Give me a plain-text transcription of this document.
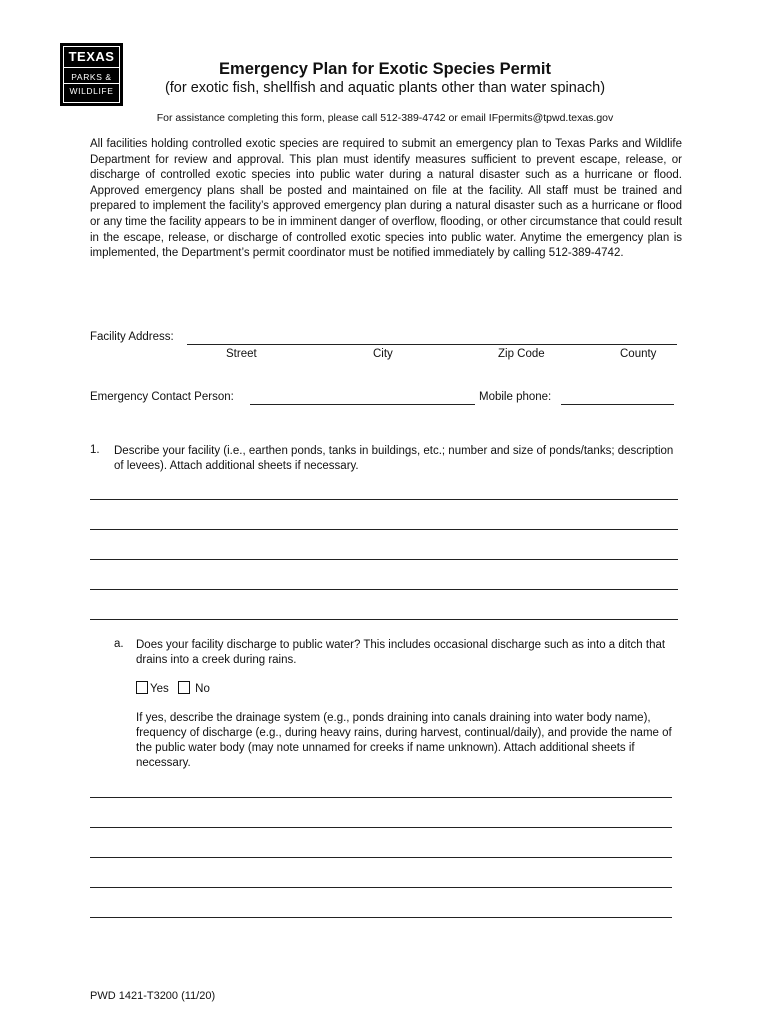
TEXAS
PARKS &
WILDLIFE
Emergency Plan for Exotic Species Permit
(for exotic fish, shellfish and aquatic plants other than water spinach)
For assistance completing this form, please call 512-389-4742 or email IFpermits@tpwd.texas.gov
All facilities holding controlled exotic species are required to submit an emergency plan to Texas Parks and Wildlife Department for review and approval. This plan must identify measures sufficient to prevent escape, release, or discharge of controlled exotic species into public water during a natural disaster such as a hurricane or flood. Approved emergency plans shall be posted and maintained on file at the facility. All staff must be trained and prepared to implement the facility’s approved emergency plan during a natural disaster such as a hurricane or flood or any time the facility appears to be in imminent danger of overflow, flooding, or other circumstance that could result in the escape, release, or discharge of controlled exotic species into public water. Anytime the emergency plan is implemented, the Department’s permit coordinator must be notified immediately by calling 512-389-4742.
Facility Address:
Street	City	Zip Code	County
Emergency Contact Person:	Mobile phone:
1. Describe your facility (i.e., earthen ponds, tanks in buildings, etc.; number and size of ponds/tanks; description of levees). Attach additional sheets if necessary.
a. Does your facility discharge to public water? This includes occasional discharge such as into a ditch that drains into a creek during rains.
Yes No
If yes, describe the drainage system (e.g., ponds draining into canals draining into water body name), frequency of discharge (e.g., during heavy rains, during harvest, continual/daily), and provide the name of the public water body (may note unnamed for creeks if name unknown). Attach additional sheets if necessary.
PWD 1421-T3200 (11/20)
